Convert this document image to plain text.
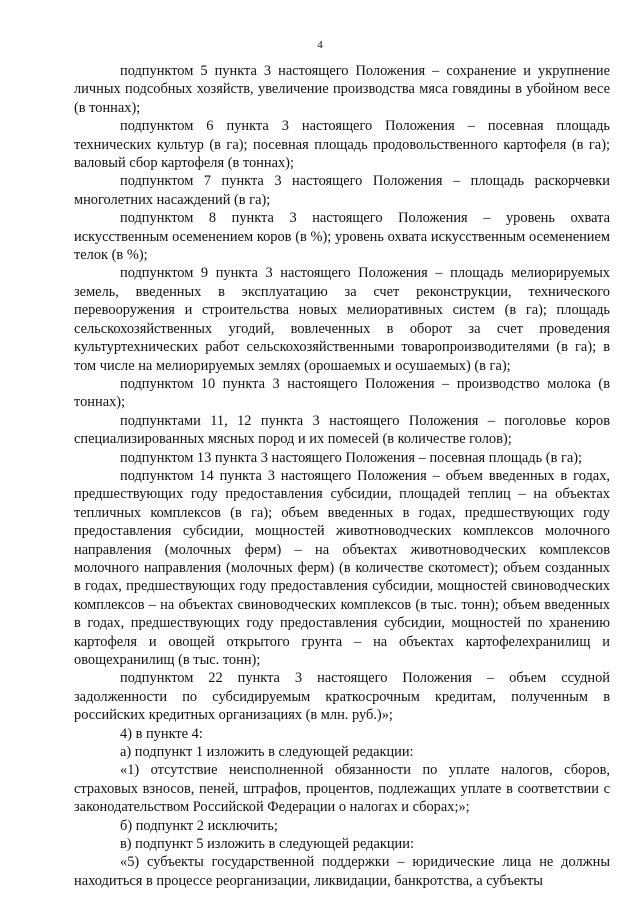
4

подпунктом 5 пункта 3 настоящего Положения – сохранение и укрупнение личных подсобных хозяйств, увеличение производства мяса говядины в убойном весе (в тоннах);

подпунктом 6 пункта 3 настоящего Положения – посевная площадь технических культур (в га); посевная площадь продовольственного картофеля (в га); валовый сбор картофеля (в тоннах);

подпунктом 7 пункта 3 настоящего Положения – площадь раскорчевки многолетних насаждений (в га);

подпунктом 8 пункта 3 настоящего Положения – уровень охвата искусственным осеменением коров (в %); уровень охвата искусственным осеменением телок (в %);

подпунктом 9 пункта 3 настоящего Положения – площадь мелиорируемых земель, введенных в эксплуатацию за счет реконструкции, технического перевооружения и строительства новых мелиоративных систем (в га); площадь сельскохозяйственных угодий, вовлеченных в оборот за счет проведения культуртехнических работ сельскохозяйственными товаропроизводителями (в га); в том числе на мелиорируемых землях (орошаемых и осушаемых) (в га);

подпунктом 10 пункта 3 настоящего Положения – производство молока (в тоннах);

подпунктами 11, 12 пункта 3 настоящего Положения – поголовье коров специализированных мясных пород и их помесей (в количестве голов);

подпунктом 13 пункта 3 настоящего Положения – посевная площадь (в га);

подпунктом 14 пункта 3 настоящего Положения – объем введенных в годах, предшествующих году предоставления субсидии, площадей теплиц – на объектах тепличных комплексов (в га); объем введенных в годах, предшествующих году предоставления субсидии, мощностей животноводческих комплексов молочного направления (молочных ферм) – на объектах животноводческих комплексов молочного направления (молочных ферм) (в количестве скотомест); объем созданных в годах, предшествующих году предоставления субсидии, мощностей свиноводческих комплексов – на объектах свиноводческих комплексов (в тыс. тонн); объем введенных в годах, предшествующих году предоставления субсидии, мощностей по хранению картофеля и овощей открытого грунта – на объектах картофелехранилищ и овощехранилищ (в тыс. тонн);

подпунктом 22 пункта 3 настоящего Положения – объем ссудной задолженности по субсидируемым краткосрочным кредитам, полученным в российских кредитных организациях (в млн. руб.)»;

4) в пункте 4:

а) подпункт 1 изложить в следующей редакции:

«1) отсутствие неисполненной обязанности по уплате налогов, сборов, страховых взносов, пеней, штрафов, процентов, подлежащих уплате в соответствии с законодательством Российской Федерации о налогах и сборах;»;

б) подпункт 2 исключить;

в) подпункт 5 изложить в следующей редакции:

«5) субъекты государственной поддержки – юридические лица не должны находиться в процессе реорганизации, ликвидации, банкротства, а субъекты
